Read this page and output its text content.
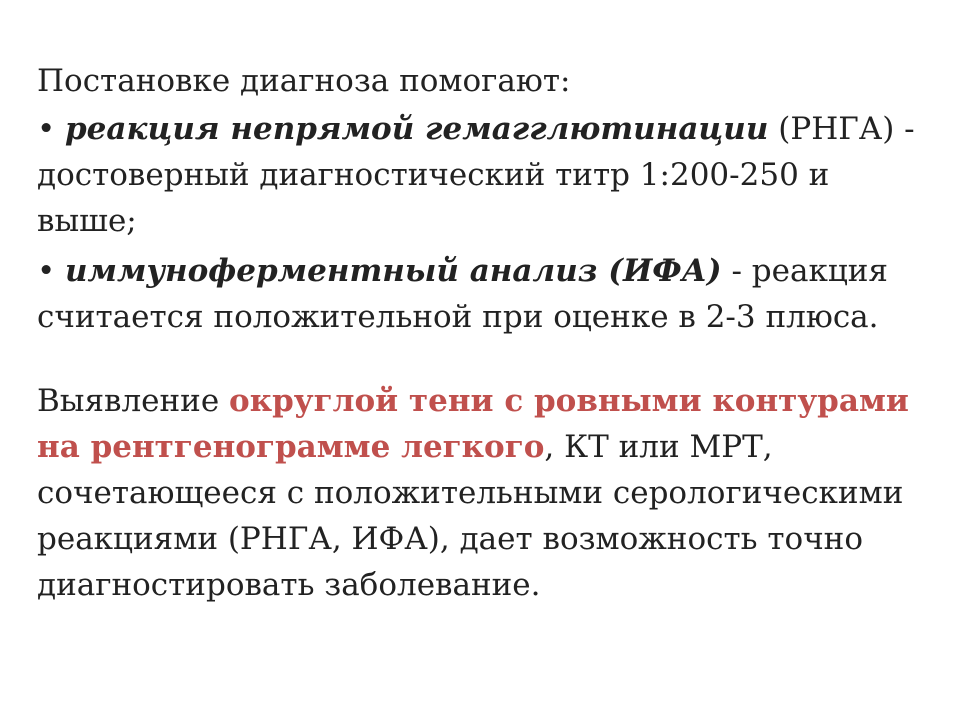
Постановке диагноза помогают:

• реакция непрямой гемагглютинации (РНГА) - достоверный диагностический титр 1:200-250 и выше;

• иммуноферментный анализ (ИФА) - реакция считается положительной при оценке в 2-3 плюса.

Выявление округлой тени с ровными контурами на рентгенограмме легкого, КТ или МРТ, сочетающееся с положительными серологическими реакциями (РНГА, ИФА), дает возможность точно диагностировать заболевание.
